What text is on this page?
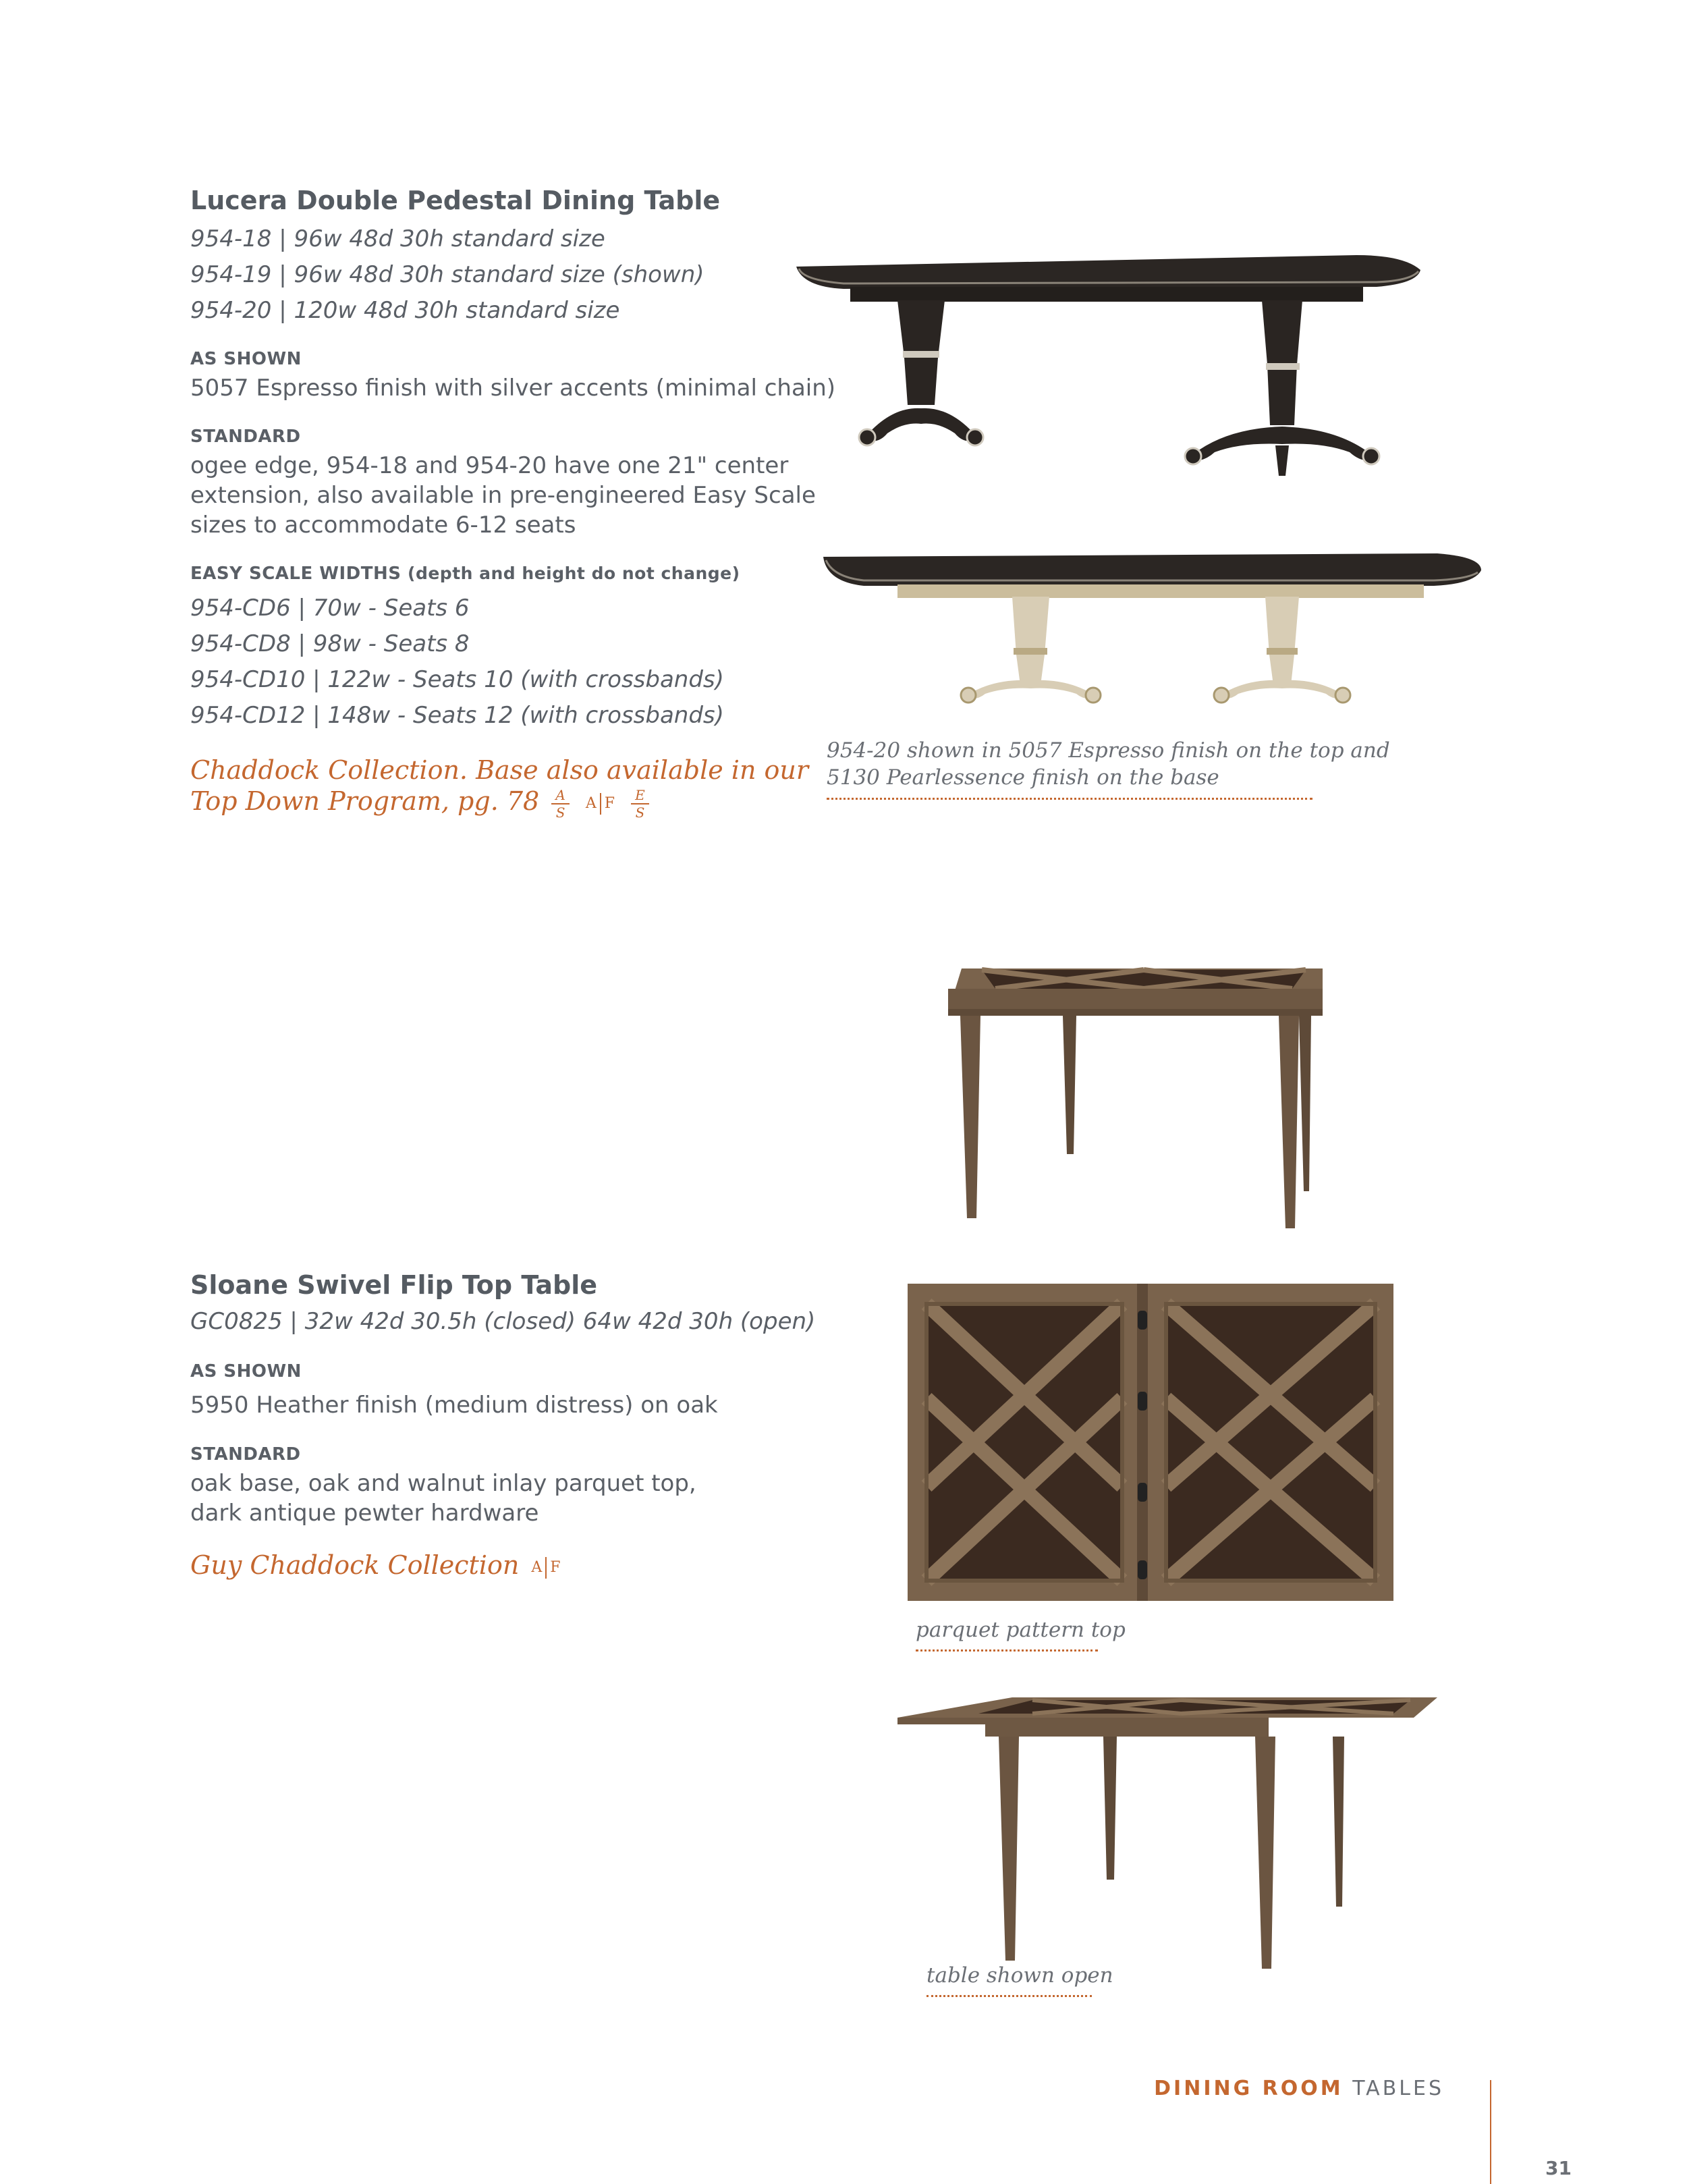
Lucera Double Pedestal Dining Table
954-18 | 96w 48d 30h standard size
954-19 | 96w 48d 30h standard size (shown)
954-20 | 120w 48d 30h standard size
AS SHOWN
5057 Espresso finish with silver accents (minimal chain)
STANDARD
ogee edge, 954-18 and 954-20 have one 21" center
extension, also available in pre-engineered Easy Scale
sizes to accommodate 6-12 seats
EASY SCALE WIDTHS (depth and height do not change)
954-CD6 | 70w - Seats 6
954-CD8 | 98w - Seats 8
954-CD10 | 122w - Seats 10 (with crossbands)
954-CD12 | 148w - Seats 12 (with crossbands)
Chaddock Collection. Base also available in our
Top Down Program, pg. $78 \frac{A}{S}$ A F $\frac{E}{S}$
954-20 shown in 5057 Espresso finish on the top and
5130 Pearlessence finish on the base
parquet pattern top
table shown open
Sloane Swivel Flip Top Table
GC0825 | 32w 42d 30.5h (closed) 64w 42d 30h (open)
AS SHOWN
5950 Heather finish (medium distress) on oak
STANDARD
oak base, oak and walnut inlay parquet top,
dark antique pewter hardware
Guy Chaddock Collection A F
DINING ROOM TABLES
31
